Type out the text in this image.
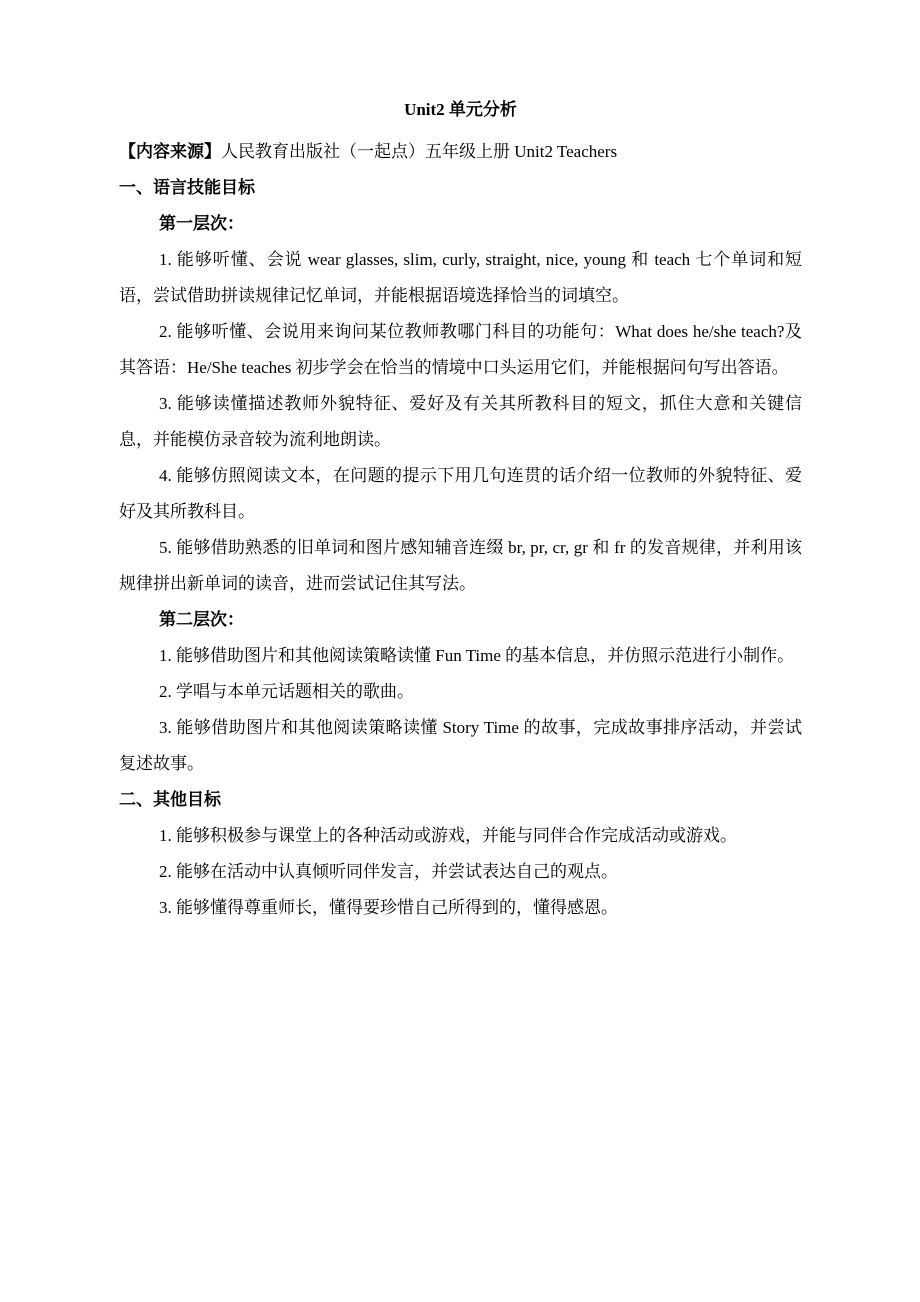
Unit2 单元分析

【内容来源】人民教育出版社（一起点）五年级上册 Unit2 Teachers

一、语言技能目标

第一层次：

1. 能够听懂、会说 wear glasses, slim, curly, straight, nice, young 和 teach 七个单词和短语，尝试借助拼读规律记忆单词，并能根据语境选择恰当的词填空。

2. 能够听懂、会说用来询问某位教师教哪门科目的功能句：What does he/she teach?及其答语：He/She teaches 初步学会在恰当的情境中口头运用它们，并能根据问句写出答语。

3. 能够读懂描述教师外貌特征、爱好及有关其所教科目的短文，抓住大意和关键信息，并能模仿录音较为流利地朗读。

4. 能够仿照阅读文本，在问题的提示下用几句连贯的话介绍一位教师的外貌特征、爱好及其所教科目。

5. 能够借助熟悉的旧单词和图片感知辅音连缀 br, pr, cr, gr 和 fr 的发音规律，并利用该规律拼出新单词的读音，进而尝试记住其写法。

第二层次：

1. 能够借助图片和其他阅读策略读懂 Fun Time 的基本信息，并仿照示范进行小制作。

2. 学唱与本单元话题相关的歌曲。

3. 能够借助图片和其他阅读策略读懂 Story Time 的故事，完成故事排序活动，并尝试复述故事。

二、其他目标

1. 能够积极参与课堂上的各种活动或游戏，并能与同伴合作完成活动或游戏。

2. 能够在活动中认真倾听同伴发言，并尝试表达自己的观点。

3. 能够懂得尊重师长，懂得要珍惜自己所得到的，懂得感恩。
